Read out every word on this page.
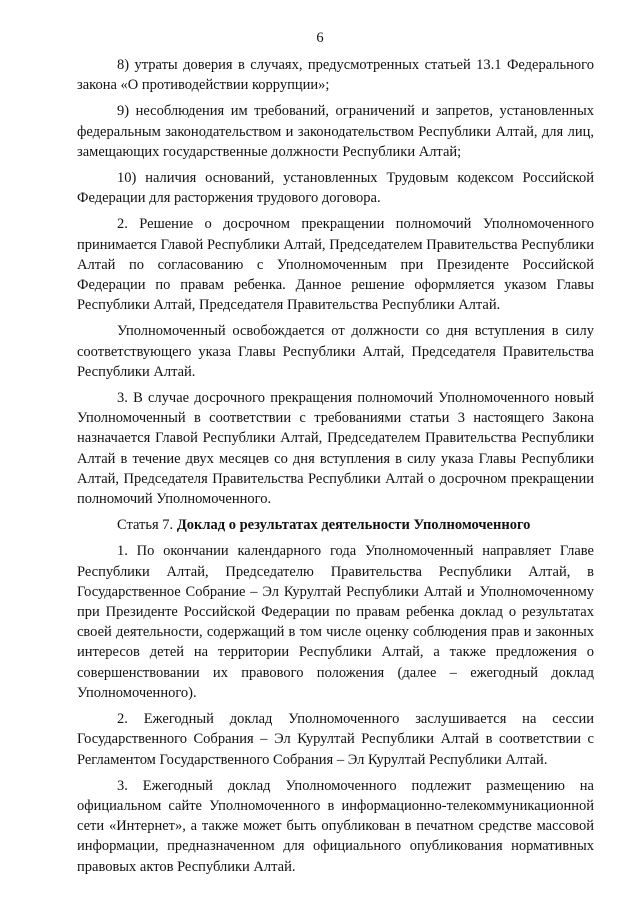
6

8) утраты доверия в случаях, предусмотренных статьей 13.1 Федерального закона «О противодействии коррупции»;

9) несоблюдения им требований, ограничений и запретов, установленных федеральным законодательством и законодательством Республики Алтай, для лиц, замещающих государственные должности Республики Алтай;

10) наличия оснований, установленных Трудовым кодексом Российской Федерации для расторжения трудового договора.

2. Решение о досрочном прекращении полномочий Уполномоченного принимается Главой Республики Алтай, Председателем Правительства Республики Алтай по согласованию с Уполномоченным при Президенте Российской Федерации по правам ребенка. Данное решение оформляется указом Главы Республики Алтай, Председателя Правительства Республики Алтай.

Уполномоченный освобождается от должности со дня вступления в силу соответствующего указа Главы Республики Алтай, Председателя Правительства Республики Алтай.

3. В случае досрочного прекращения полномочий Уполномоченного новый Уполномоченный в соответствии с требованиями статьи 3 настоящего Закона назначается Главой Республики Алтай, Председателем Правительства Республики Алтай в течение двух месяцев со дня вступления в силу указа Главы Республики Алтай, Председателя Правительства Республики Алтай о досрочном прекращении полномочий Уполномоченного.

Статья 7. Доклад о результатах деятельности Уполномоченного

1. По окончании календарного года Уполномоченный направляет Главе Республики Алтай, Председателю Правительства Республики Алтай, в Государственное Собрание – Эл Курултай Республики Алтай и Уполномоченному при Президенте Российской Федерации по правам ребенка доклад о результатах своей деятельности, содержащий в том числе оценку соблюдения прав и законных интересов детей на территории Республики Алтай, а также предложения о совершенствовании их правового положения (далее – ежегодный доклад Уполномоченного).

2. Ежегодный доклад Уполномоченного заслушивается на сессии Государственного Собрания – Эл Курултай Республики Алтай в соответствии с Регламентом Государственного Собрания – Эл Курултай Республики Алтай.

3. Ежегодный доклад Уполномоченного подлежит размещению на официальном сайте Уполномоченного в информационно-телекоммуникационной сети «Интернет», а также может быть опубликован в печатном средстве массовой информации, предназначенном для официального опубликования нормативных правовых актов Республики Алтай.
